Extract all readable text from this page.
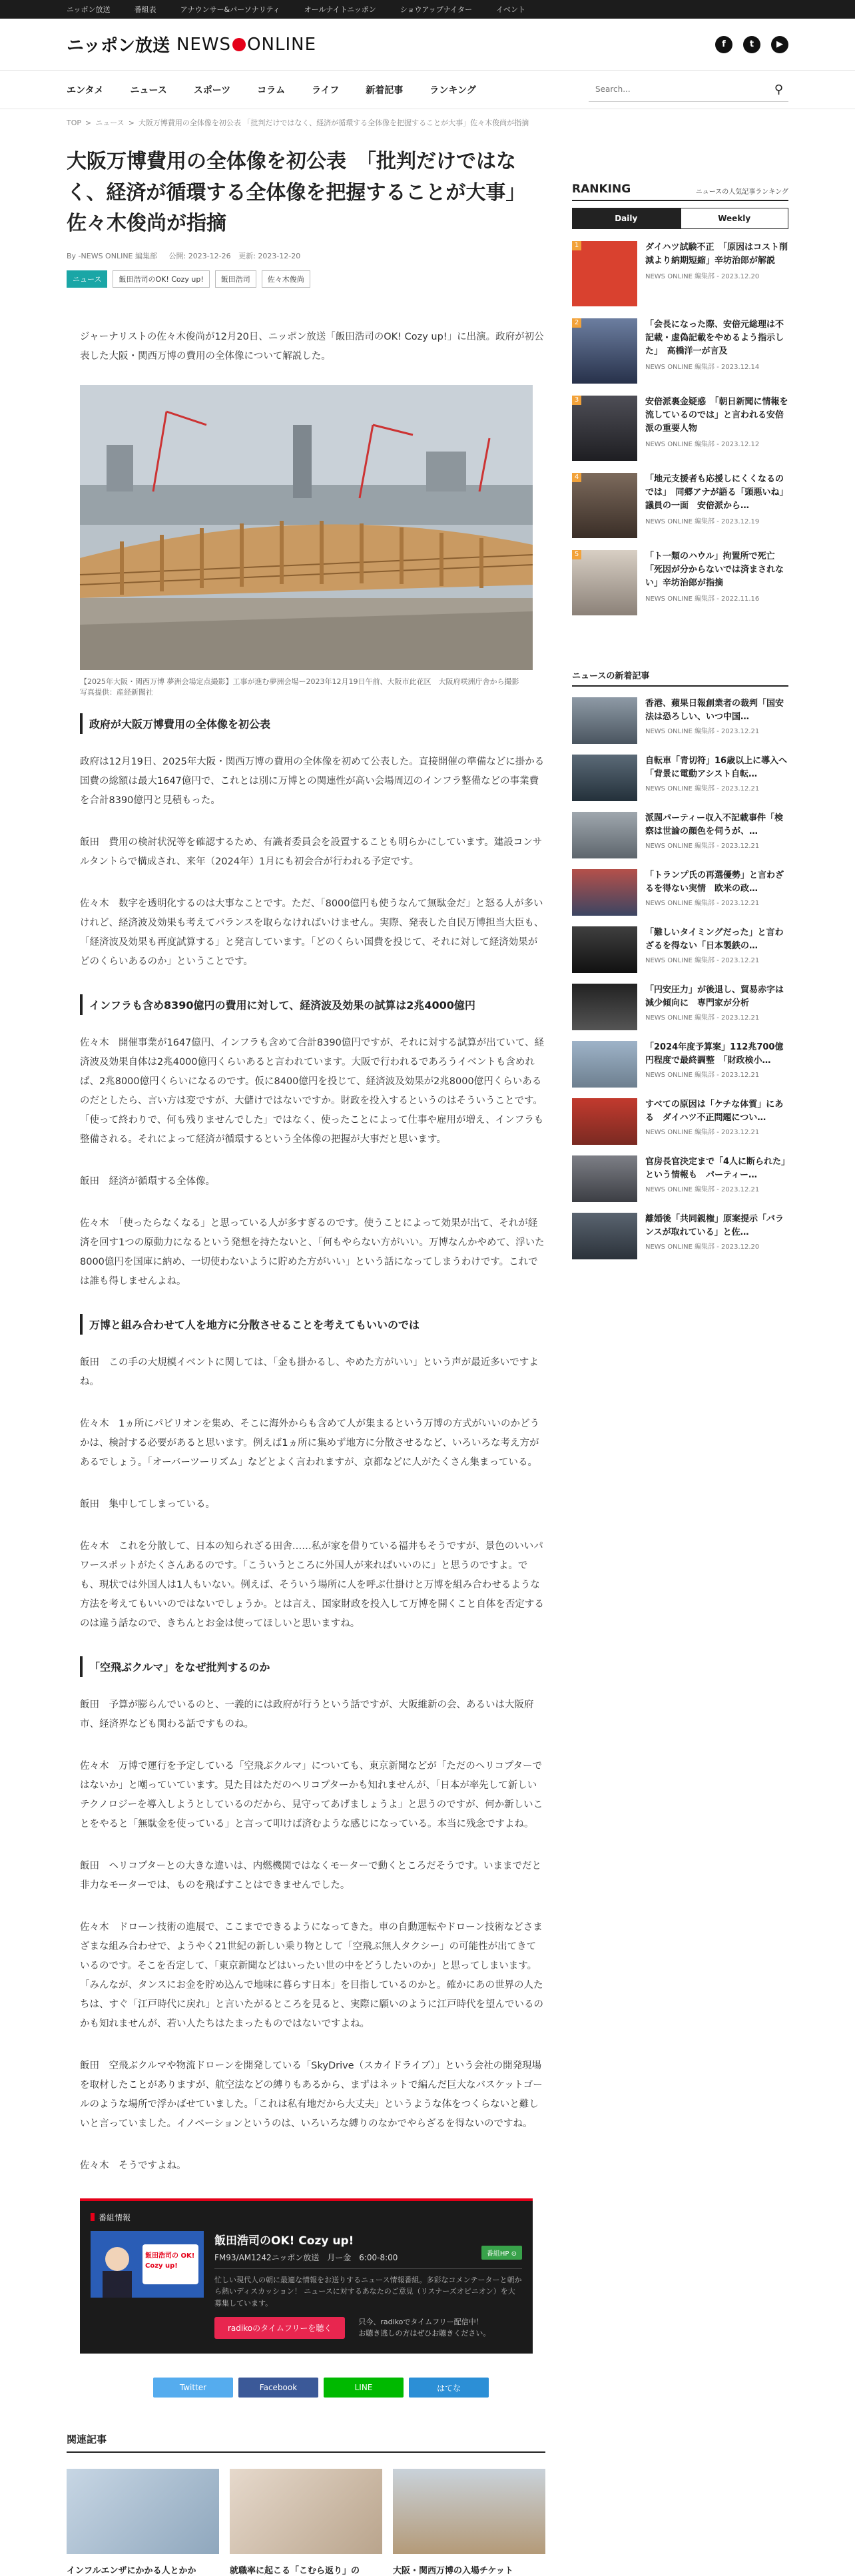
ニッポン放送	番組表	アナウンサー&パーソナリティ	オールナイトニッポン	ショウアップナイター	イベント
ニッポン放送 NEWS ONLINE	f	t	▶
エンタメ	ニュース	スポーツ	コラム	ライフ	新着記事	ランキング
Search...	⚲
TOP > ニュース > 大阪万博費用の全体像を初公表 「批判だけではなく、経済が循環する全体像を把握することが大事」佐々木俊尚が指摘
大阪万博費用の全体像を初公表　「批判だけではなく、経済が循環する全体像を把握することが大事」佐々木俊尚が指摘
By -NEWS ONLINE 編集部 公開: 2023-12-26 更新: 2023-12-20
ニュース	飯田浩司のOK! Cozy up!	飯田浩司	佐々木俊尚

ジャーナリストの佐々木俊尚が12月20日、ニッポン放送「飯田浩司のOK! Cozy up!」に出演。政府が初公表した大阪・関西万博の費用の全体像について解説した。

【2025年大阪・関西万博 夢洲会場定点撮影】工事が進む夢洲会場ー2023年12月19日午前、大阪市此花区　大阪府咲洲庁舎から撮影　写真提供：産経新聞社
政府が大阪万博費用の全体像を初公表

政府は12月19日、2025年大阪・関西万博の費用の全体像を初めて公表した。直接開催の準備などに掛かる国費の総額は最大1647億円で、これとは別に万博との関連性が高い会場周辺のインフラ整備などの事業費を合計8390億円と見積もった。

飯田　費用の検討状況等を確認するため、有識者委員会を設置することも明らかにしています。建設コンサルタントらで構成され、来年（2024年）1月にも初会合が行われる予定です。

佐々木　数字を透明化するのは大事なことです。ただ、「8000億円も使うなんて無駄金だ」と怒る人が多いけれど、経済波及効果も考えてバランスを取らなければいけません。実際、発表した自民万博担当大臣も、「経済波及効果も再度試算する」と発言しています。「どのくらい国費を投じて、それに対して経済効果がどのくらいあるのか」ということです。

インフラも含め8390億円の費用に対して、経済波及効果の試算は2兆4000億円

佐々木　開催事業が1647億円、インフラも含めて合計8390億円ですが、それに対する試算が出ていて、経済波及効果自体は2兆4000億円くらいあると言われています。大阪で行われるであろうイベントも含めれば、2兆8000億円くらいになるのです。仮に8400億円を投じて、経済波及効果が2兆8000億円くらいあるのだとしたら、言い方は変ですが、大儲けではないですか。財政を投入するというのはそういうことです。「使って終わりで、何も残りませんでした」ではなく、使ったことによって仕事や雇用が増え、インフラも整備される。それによって経済が循環するという全体像の把握が大事だと思います。

飯田　経済が循環する全体像。

佐々木　「使ったらなくなる」と思っている人が多すぎるのです。使うことによって効果が出て、それが経済を回す1つの原動力になるという発想を持たないと、「何もやらない方がいい。万博なんかやめて、浮いた8000億円を国庫に納め、一切使わないように貯めた方がいい」という話になってしまうわけです。これでは誰も得しませんよね。

万博と組み合わせて人を地方に分散させることを考えてもいいのでは

飯田　この手の大規模イベントに関しては、「金も掛かるし、やめた方がいい」という声が最近多いですよね。

佐々木　1ヵ所にパビリオンを集め、そこに海外からも含めて人が集まるという万博の方式がいいのかどうかは、検討する必要があると思います。例えば1ヵ所に集めず地方に分散させるなど、いろいろな考え方があるでしょう。「オーバーツーリズム」などとよく言われますが、京都などに人がたくさん集まっている。

飯田　集中してしまっている。

佐々木　これを分散して、日本の知られざる田舎……私が家を借りている福井もそうですが、景色のいいパワースポットがたくさんあるのです。「こういうところに外国人が来ればいいのに」と思うのですよ。でも、現状では外国人は1人もいない。例えば、そういう場所に人を呼ぶ仕掛けと万博を組み合わせるような方法を考えてもいいのではないでしょうか。とは言え、国家財政を投入して万博を開くこと自体を否定するのは違う話なので、きちんとお金は使ってほしいと思いますね。

「空飛ぶクルマ」をなぜ批判するのか

飯田　予算が膨らんでいるのと、一義的には政府が行うという話ですが、大阪維新の会、あるいは大阪府市、経済界なども関わる話ですものね。

佐々木　万博で運行を予定している「空飛ぶクルマ」についても、東京新聞などが「ただのヘリコプターではないか」と嘲っていています。見た目はただのヘリコプターかも知れませんが、「日本が率先して新しいテクノロジーを導入しようとしているのだから、見守ってあげましょうよ」と思うのですが、何か新しいことをやると「無駄金を使っている」と言って叩けば済むような感じになっている。本当に残念ですよね。

飯田　ヘリコプターとの大きな違いは、内燃機関ではなくモーターで動くところだそうです。いままでだと非力なモーターでは、ものを飛ばすことはできませんでした。

佐々木　ドローン技術の進展で、ここまでできるようになってきた。車の自動運転やドローン技術などさまざまな組み合わせで、ようやく21世紀の新しい乗り物として「空飛ぶ無人タクシー」の可能性が出てきているのです。そこを否定して、「東京新聞などはいったい世の中をどうしたいのか」と思ってしまいます。「みんなが、タンスにお金を貯め込んで地味に暮らす日本」を目指しているのかと。確かにあの世界の人たちは、すぐ「江戸時代に戻れ」と言いたがるところを見ると、実際に願いのように江戸時代を望んでいるのかも知れませんが、若い人たちはたまったものではないですよね。

飯田　空飛ぶクルマや物流ドローンを開発している「SkyDrive（スカイドライブ）」という会社の開発現場を取材したことがありますが、航空法などの縛りもあるから、まずはネットで編んだ巨大なバスケットゴールのような場所で浮かばせていました。「これは私有地だから大丈夫」というような体をつくらないと難しいと言っていました。イノベーションというのは、いろいろな縛りのなかでやらざるを得ないのですね。

佐々木　そうですよね。

番組情報
飯田浩司の OK! Cozy up!
飯田浩司のOK! Cozy up!
FM93/AM1242ニッポン放送　月ー金　6:00-8:00	番組HP ⊙
忙しい現代人の朝に最適な情報をお送りするニュース情報番組。多彩なコメンテーターと朝から熱いディスカッション！ ニュースに対するあなたのご意見（リスナーズオピニオン）を大募集しています。
radikoのタイムフリーを聴く
只今、radikoでタイムフリー配信中！
お聴き逃しの方はぜひお聴きください。
Twitter	Facebook	LINE	はてな
関連記事
インフルエンザにかかる人とかか	就職率に起こる「こむら返り」の	大阪・関西万博の入場チケット
RANKING	ニュースの人気記事ランキング
Daily	Weekly
1	ダイハツ試験不正　「原因はコスト削減より納期短縮」辛坊治郎が解説
NEWS ONLINE 編集部 - 2023.12.20
2	「会長になった際、安倍元総理は不記載・虚偽記載をやめるよう指示した」　高橋洋一が言及
NEWS ONLINE 編集部 - 2023.12.14
3	安倍派裏金疑惑　「朝日新聞に情報を流しているのでは」と言われる安倍派の重要人物
NEWS ONLINE 編集部 - 2023.12.12
4	「地元支援者も応援しにくくなるのでは」　同郷アナが語る「頭悪いね」議員の一面　安倍派から…
NEWS ONLINE 編集部 - 2023.12.19
5	「ト一類のハウル」拘置所で死亡「死因が分からないでは済まされない」辛坊治郎が指摘
NEWS ONLINE 編集部 - 2022.11.16
ニュースの新着記事
香港、蘋果日報創業者の裁判「国安法は恐ろしい、いつ中国…
NEWS ONLINE 編集部 - 2023.12.21
自転車「青切符」16歳以上に導入へ　「背景に電動アシスト自転…
NEWS ONLINE 編集部 - 2023.12.21
派閥パーティー収入不記載事件「検察は世論の顔色を伺うが、…
NEWS ONLINE 編集部 - 2023.12.21
「トランプ氏の再選優勢」と言わざるを得ない実情　欧米の政…
NEWS ONLINE 編集部 - 2023.12.21
「難しいタイミングだった」と言わざるを得ない「日本製鉄の…
NEWS ONLINE 編集部 - 2023.12.21
「円安圧力」が後退し、貿易赤字は減少傾向に　専門家が分析
NEWS ONLINE 編集部 - 2023.12.21
「2024年度予算案」112兆700億円程度で最終調整　「財政検小…
NEWS ONLINE 編集部 - 2023.12.21
すべての原因は「ケチな体質」にある　ダイハツ不正問題につい…
NEWS ONLINE 編集部 - 2023.12.21
官房長官決定まで「4人に断られた」という情報も　パーティー…
NEWS ONLINE 編集部 - 2023.12.21
離婚後「共同親権」原案提示「バランスが取れている」と佐…
NEWS ONLINE 編集部 - 2023.12.20
